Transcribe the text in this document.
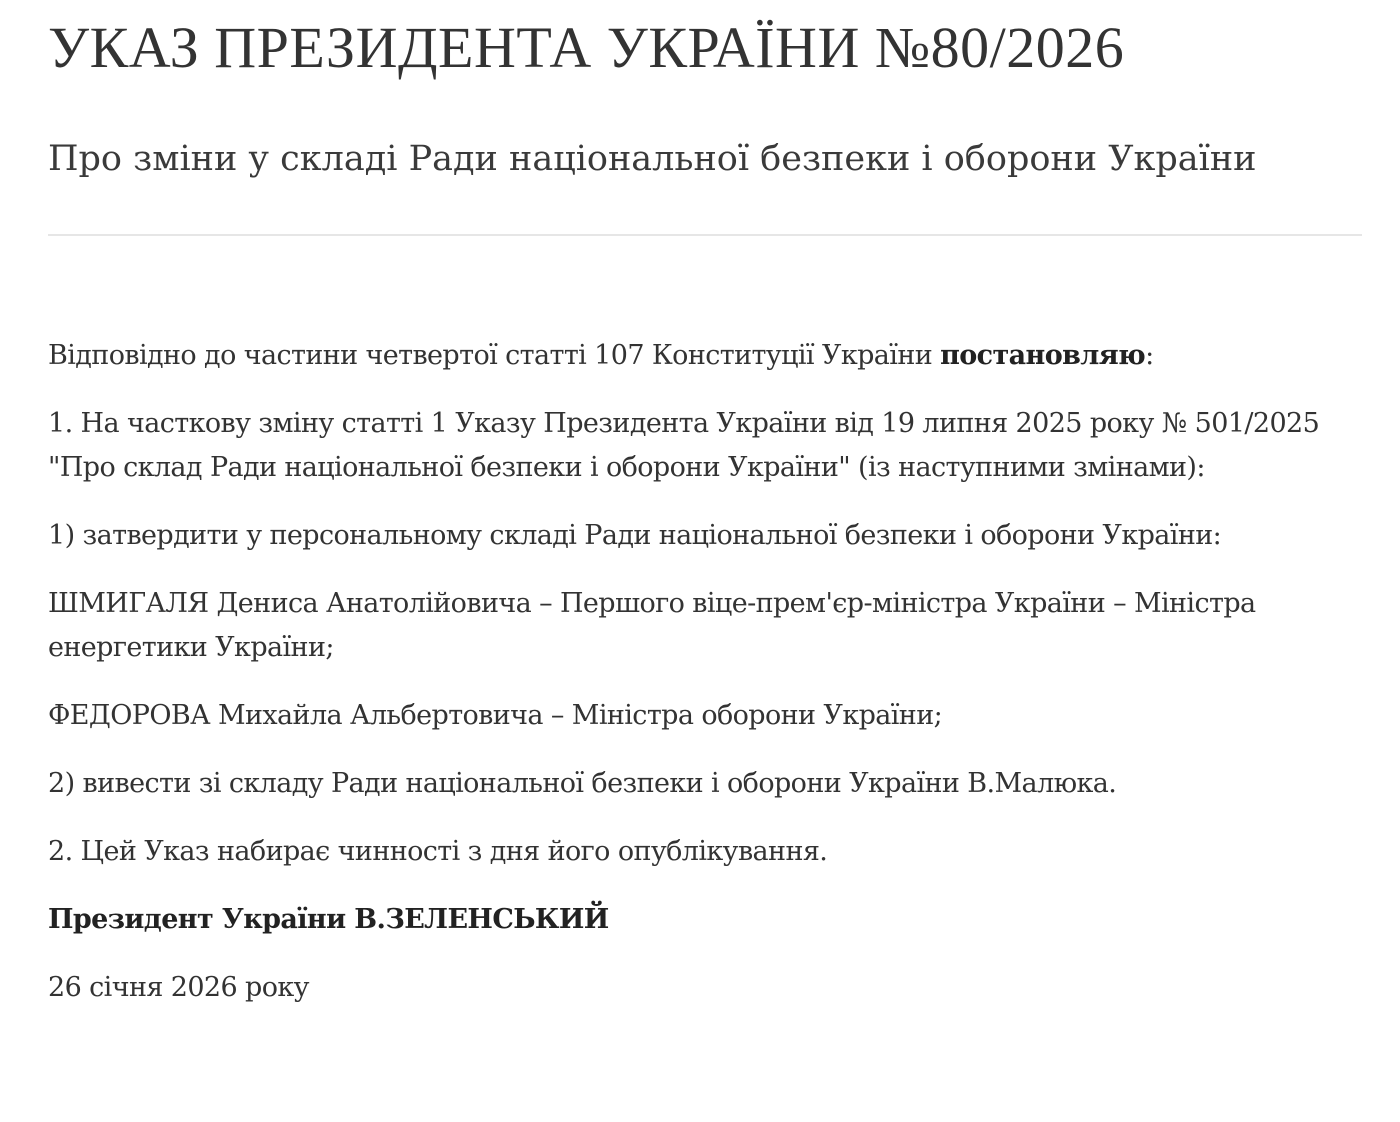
УКАЗ ПРЕЗИДЕНТА УКРАЇНИ №80/2026
Про зміни у складі Ради національної безпеки і оборони України

Відповідно до частини четвертої статті 107 Конституції України постановляю:

1. На часткову зміну статті 1 Указу Президента України від 19 липня 2025 року № 501/2025 "Про склад Ради національної безпеки і оборони України" (із наступними змінами):

1) затвердити у персональному складі Ради національної безпеки і оборони України:

ШМИГАЛЯ Дениса Анатолійовича – Першого віце-прем'єр-міністра України – Міністра енергетики України;

ФЕДОРОВА Михайла Альбертовича – Міністра оборони України;

2) вивести зі складу Ради національної безпеки і оборони України В.Малюка.

2. Цей Указ набирає чинності з дня його опублікування.

Президент України В.ЗЕЛЕНСЬКИЙ

26 січня 2026 року
